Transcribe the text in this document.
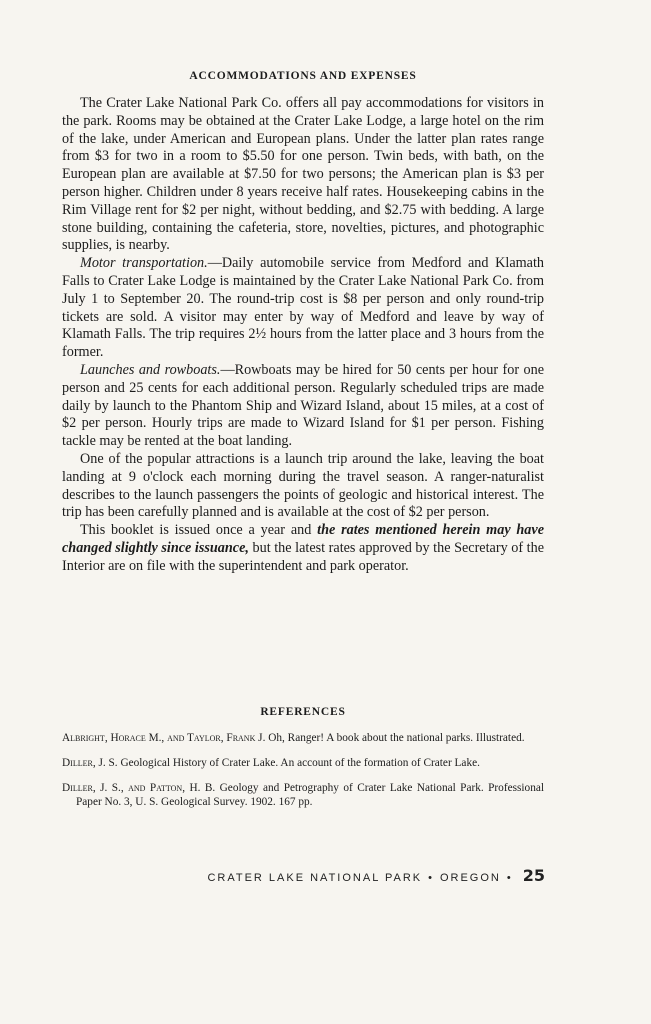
ACCOMMODATIONS AND EXPENSES

The Crater Lake National Park Co. offers all pay accommodations for visitors in the park. Rooms may be obtained at the Crater Lake Lodge, a large hotel on the rim of the lake, under American and European plans. Under the latter plan rates range from $3 for two in a room to $5.50 for one person. Twin beds, with bath, on the European plan are available at $7.50 for two persons; the American plan is $3 per person higher. Children under 8 years receive half rates. Housekeeping cabins in the Rim Village rent for $2 per night, without bedding, and $2.75 with bedding. A large stone building, containing the cafeteria, store, novelties, pictures, and photographic supplies, is nearby.

Motor transportation.—Daily automobile service from Medford and Klamath Falls to Crater Lake Lodge is maintained by the Crater Lake National Park Co. from July 1 to September 20. The round-trip cost is $8 per person and only round-trip tickets are sold. A visitor may enter by way of Medford and leave by way of Klamath Falls. The trip requires 2½ hours from the latter place and 3 hours from the former.

Launches and rowboats.—Rowboats may be hired for 50 cents per hour for one person and 25 cents for each additional person. Regularly scheduled trips are made daily by launch to the Phantom Ship and Wizard Island, about 15 miles, at a cost of $2 per person. Hourly trips are made to Wizard Island for $1 per person. Fishing tackle may be rented at the boat landing.

One of the popular attractions is a launch trip around the lake, leaving the boat landing at 9 o'clock each morning during the travel season. A ranger-naturalist describes to the launch passengers the points of geologic and historical interest. The trip has been carefully planned and is available at the cost of $2 per person.

This booklet is issued once a year and the rates mentioned herein may have changed slightly since issuance, but the latest rates approved by the Secretary of the Interior are on file with the superintendent and park operator.

REFERENCES

Albright, Horace M., and Taylor, Frank J. Oh, Ranger! A book about the national parks. Illustrated.

Diller, J. S. Geological History of Crater Lake. An account of the formation of Crater Lake.

Diller, J. S., and Patton, H. B. Geology and Petrography of Crater Lake National Park. Professional Paper No. 3, U. S. Geological Survey. 1902. 167 pp.

CRATER LAKE NATIONAL PARK • OREGON • 25
